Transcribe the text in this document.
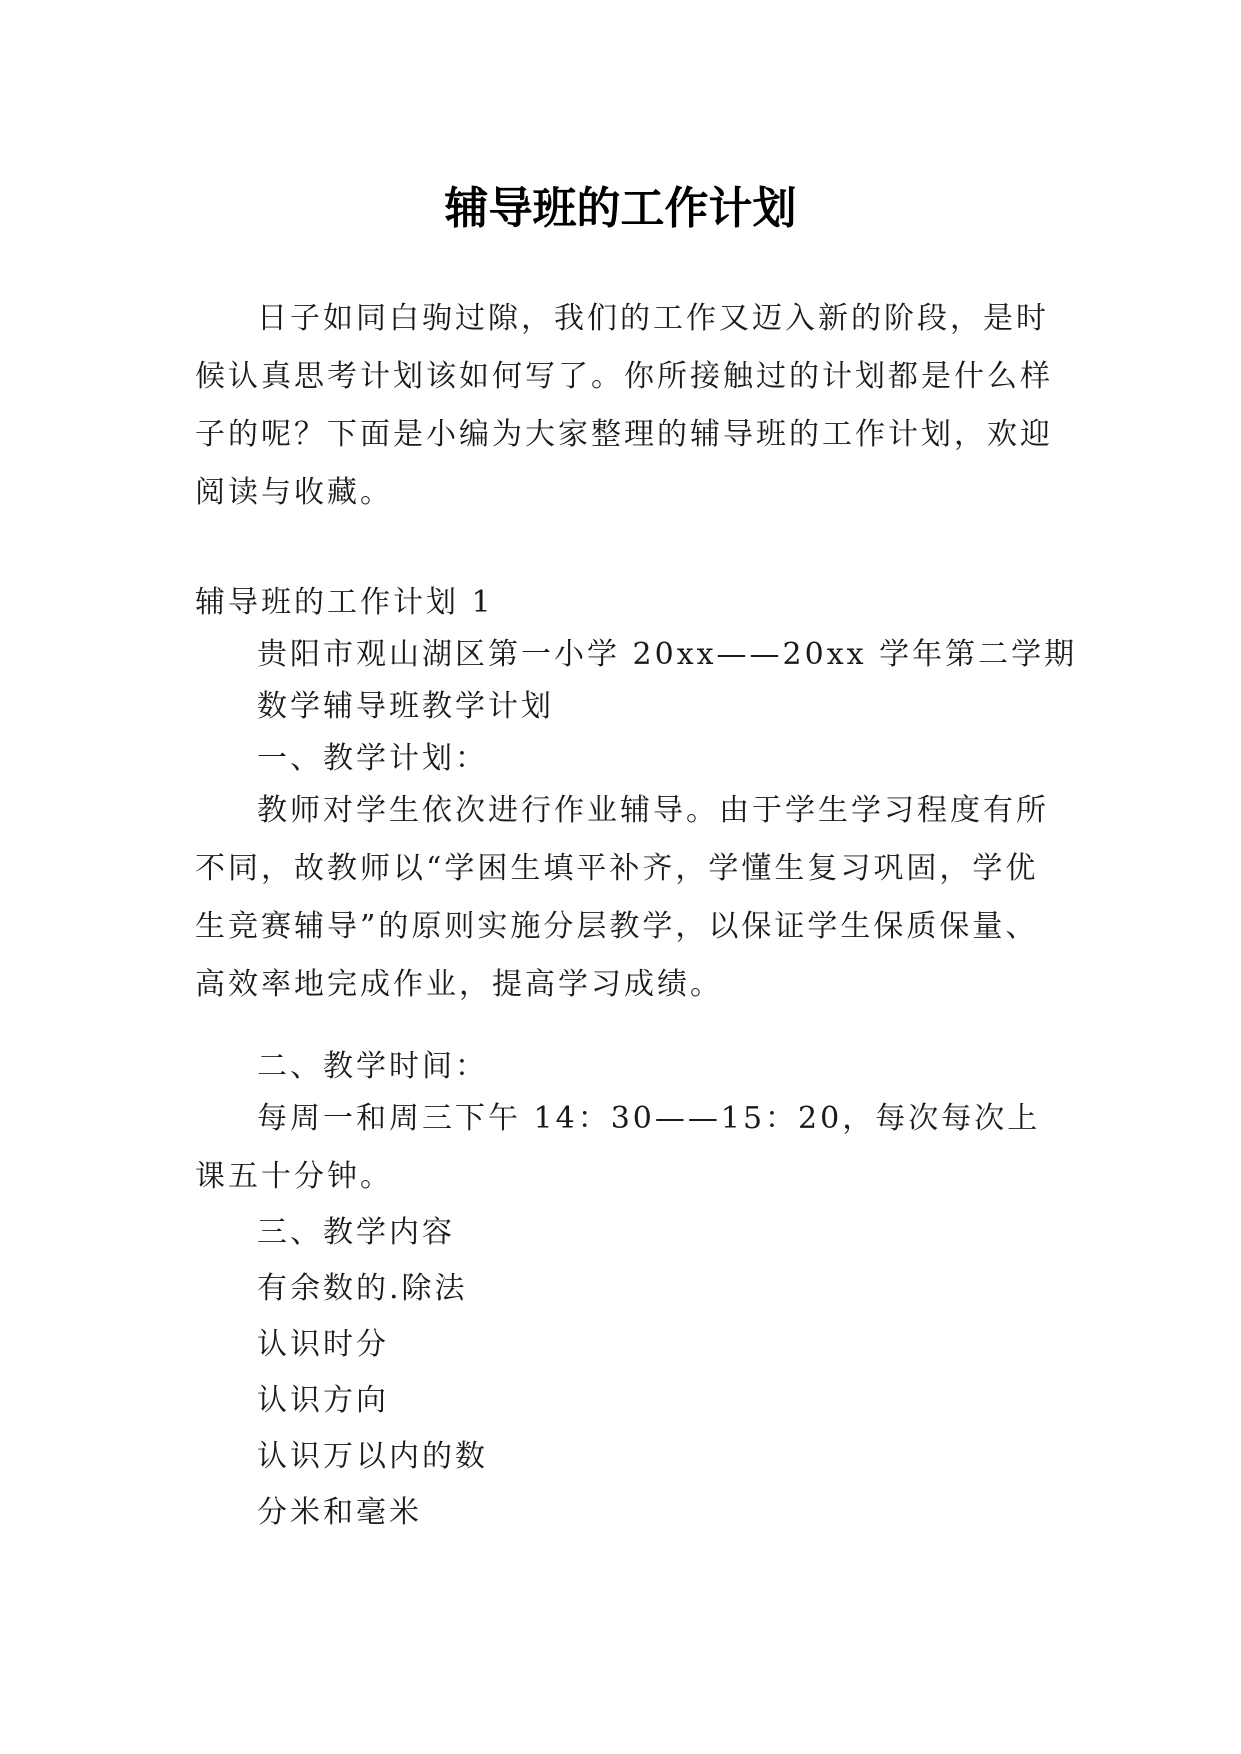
辅导班的工作计划

日子如同白驹过隙，我们的工作又迈入新的阶段，是时候认真思考计划该如何写了。你所接触过的计划都是什么样子的呢？下面是小编为大家整理的辅导班的工作计划，欢迎阅读与收藏。

辅导班的工作计划 1

贵阳市观山湖区第一小学 20xx——20xx 学年第二学期

数学辅导班教学计划

一、教学计划：

教师对学生依次进行作业辅导。由于学生学习程度有所不同，故教师以“学困生填平补齐，学懂生复习巩固，学优生竞赛辅导”的原则实施分层教学，以保证学生保质保量、高效率地完成作业，提高学习成绩。

二、教学时间：

每周一和周三下午 14：30——15：20，每次每次上课五十分钟。

三、教学内容

有余数的.除法

认识时分

认识方向

认识万以内的数

分米和毫米
